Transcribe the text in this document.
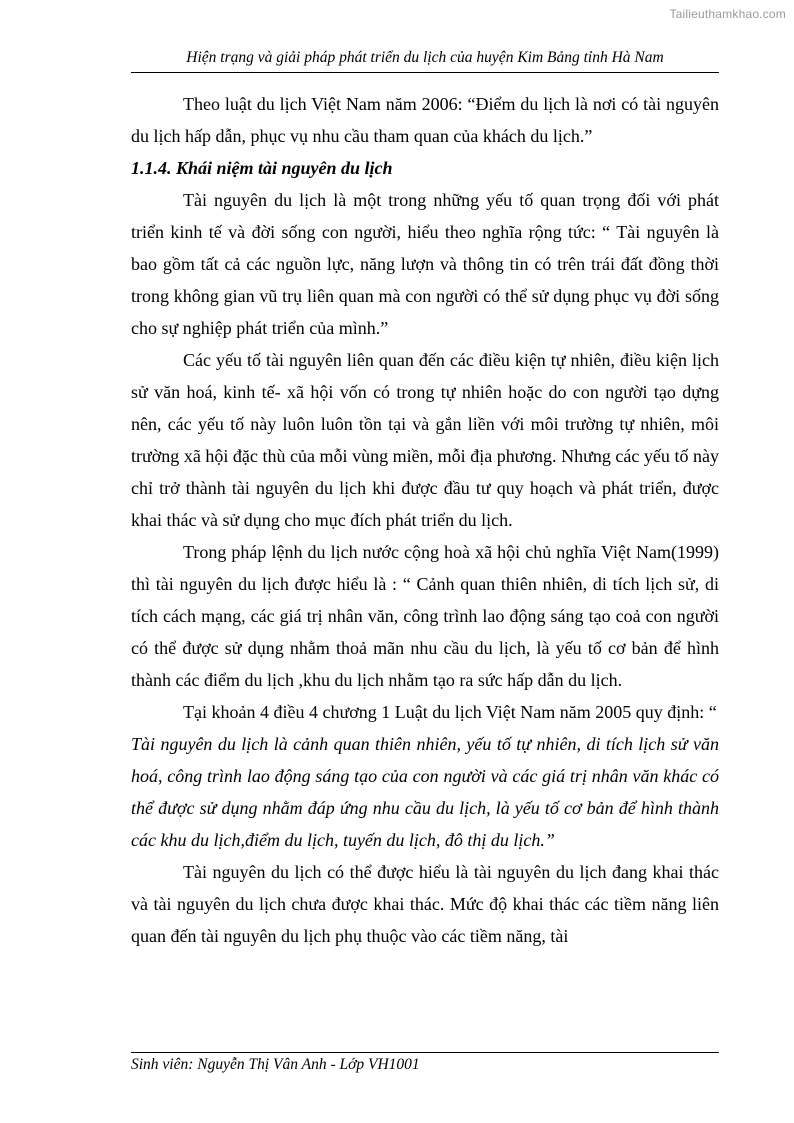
Tailieuthamkhao.com
Hiện trạng và giải pháp phát triển du lịch của huyện Kim Bảng tỉnh Hà Nam

Theo luật du lịch Việt Nam năm 2006: “Điểm du lịch là nơi có tài nguyên du lịch hấp dẫn, phục vụ nhu cầu tham quan của khách du lịch.”

1.1.4. Khái niệm tài nguyên du lịch

Tài nguyên du lịch là một trong những yếu tố quan trọng đối với phát triển kinh tế và đời sống con người, hiểu theo nghĩa rộng tức: “ Tài nguyên là bao gồm tất cả các nguồn lực, năng lượn và thông tin có trên trái đất đồng thời trong không gian vũ trụ liên quan mà con người có thể sử dụng phục vụ đời sống cho sự nghiệp phát triển của mình.”

Các yếu tố tài nguyên liên quan đến các điều kiện tự nhiên, điều kiện lịch sử văn hoá, kinh tế- xã hội vốn có trong tự nhiên hoặc do con người tạo dựng nên, các yếu tố này luôn luôn tồn tại và gắn liền với môi trường tự nhiên, môi trường xã hội đặc thù của mỗi vùng miền, mỗi địa phương. Nhưng các yếu tố này chỉ trở thành tài nguyên du lịch khi được đầu tư quy hoạch và phát triển, được khai thác và sử dụng cho mục đích phát triển du lịch.

Trong pháp lệnh du lịch nước cộng hoà xã hội chủ nghĩa Việt Nam(1999) thì tài nguyên du lịch được hiểu là : “ Cảnh quan thiên nhiên, di tích lịch sử, di tích cách mạng, các giá trị nhân văn, công trình lao động sáng tạo coả con người có thể được sử dụng nhằm thoả mãn nhu cầu du lịch, là yếu tố cơ bản để hình thành các điểm du lịch ,khu du lịch nhằm tạo ra sức hấp dẫn du lịch.

Tại khoản 4 điều 4 chương 1 Luật du lịch Việt Nam năm 2005 quy định: “
Tài nguyên du lịch là cảnh quan thiên nhiên, yếu tố tự nhiên, di tích lịch sử văn hoá, công trình lao động sáng tạo của con người và các giá trị nhân văn khác có thể được sử dụng nhằm đáp ứng nhu cầu du lịch, là yếu tố cơ bản để hình thành các khu du lịch,điểm du lịch, tuyến du lịch, đô thị du lịch.”

Tài nguyên du lịch có thể được hiểu là tài nguyên du lịch đang khai thác và tài nguyên du lịch chưa được khai thác. Mức độ khai thác các tiềm năng liên quan đến tài nguyên du lịch phụ thuộc vào các tiềm năng, tài

Sinh viên: Nguyễn Thị Vân Anh - Lớp VH1001
